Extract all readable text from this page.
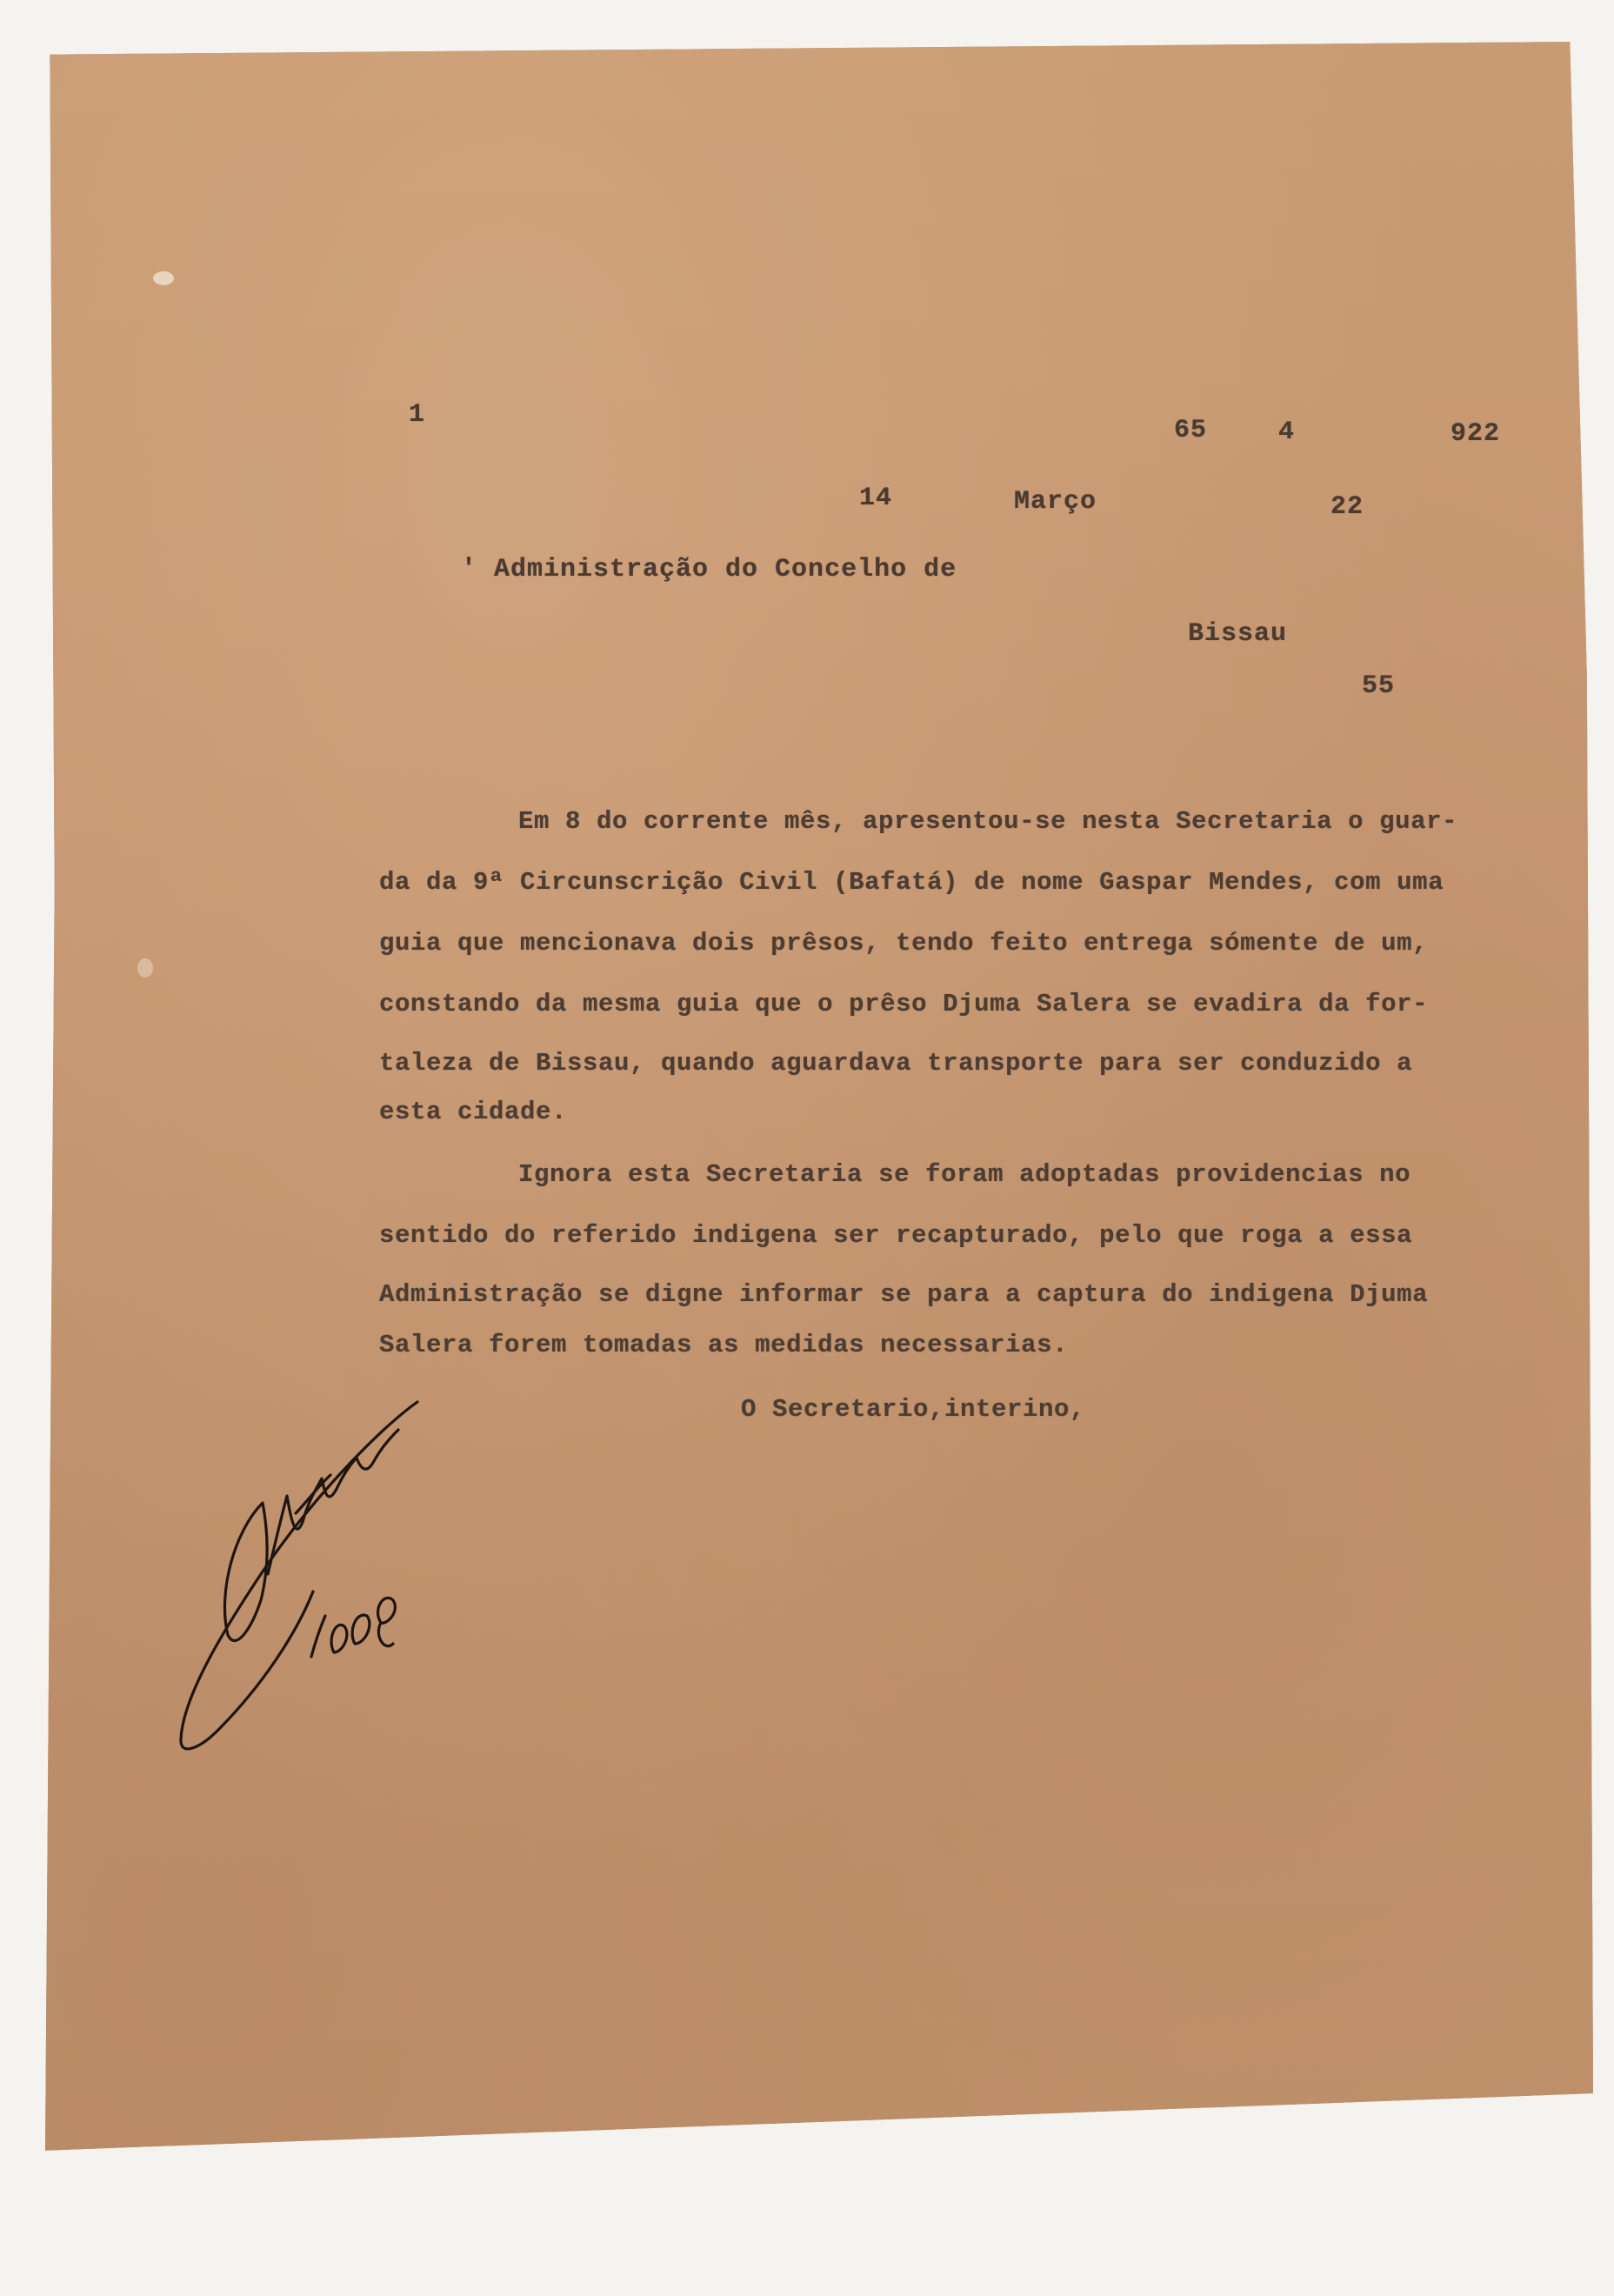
1
65	4	922
14	Março	22
' Administração do Concelho de
Bissau
55
Em 8 do corrente mês, apresentou-se nesta Secretaria o guar-
da da 9ª Circunscrição Civil (Bafatá) de nome Gaspar Mendes, com uma
guia que mencionava dois prêsos, tendo feito entrega sómente de um,
constando da mesma guia que o prêso Djuma Salera se evadira da for-
taleza de Bissau, quando aguardava transporte para ser conduzido a
esta cidade.
Ignora esta Secretaria se foram adoptadas providencias no
sentido do referido indigena ser recapturado, pelo que roga a essa
Administração se digne informar se para a captura do indigena Djuma
Salera forem tomadas as medidas necessarias.
O Secretario,interino,
